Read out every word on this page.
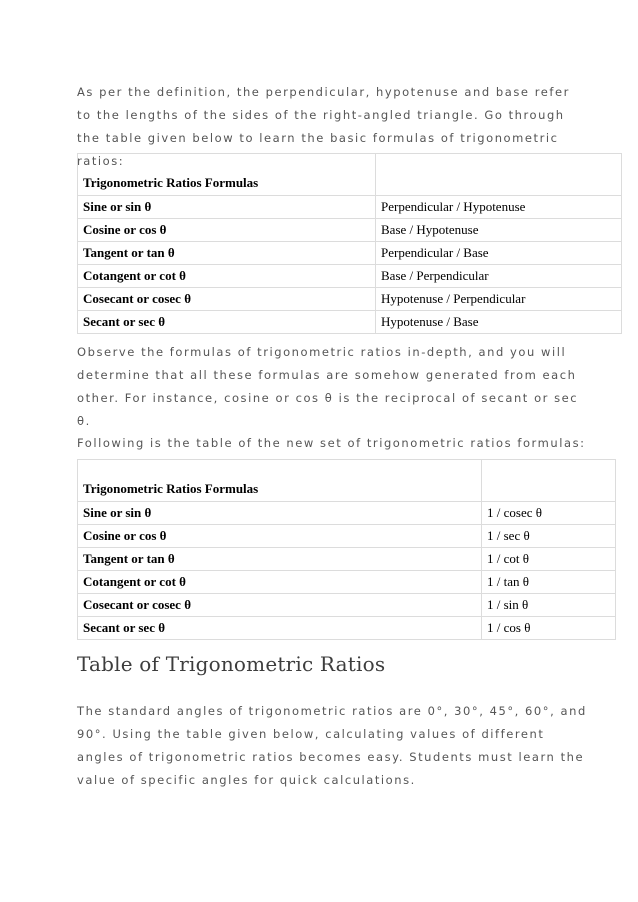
As per the definition, the perpendicular, hypotenuse and base refer to the lengths of the sides of the right-angled triangle. Go through the table given below to learn the basic formulas of trigonometric ratios:

Trigonometric Ratios Formulas	
Sine or sin θ	Perpendicular / Hypotenuse
Cosine or cos θ	Base / Hypotenuse
Tangent or tan θ	Perpendicular / Base
Cotangent or cot θ	Base / Perpendicular
Cosecant or cosec θ	Hypotenuse / Perpendicular
Secant or sec θ	Hypotenuse / Base

Observe the formulas of trigonometric ratios in-depth, and you will determine that all these formulas are somehow generated from each other. For instance, cosine or cos θ is the reciprocal of secant or sec θ.

Following is the table of the new set of trigonometric ratios formulas:

Trigonometric Ratios Formulas	
Sine or sin θ	1 / cosec θ
Cosine or cos θ	1 / sec θ
Tangent or tan θ	1 / cot θ
Cotangent or cot θ	1 / tan θ
Cosecant or cosec θ	1 / sin θ
Secant or sec θ	1 / cos θ
Table of Trigonometric Ratios

The standard angles of trigonometric ratios are 0°, 30°, 45°, 60°, and 90°. Using the table given below, calculating values of different angles of trigonometric ratios becomes easy. Students must learn the value of specific angles for quick calculations.
